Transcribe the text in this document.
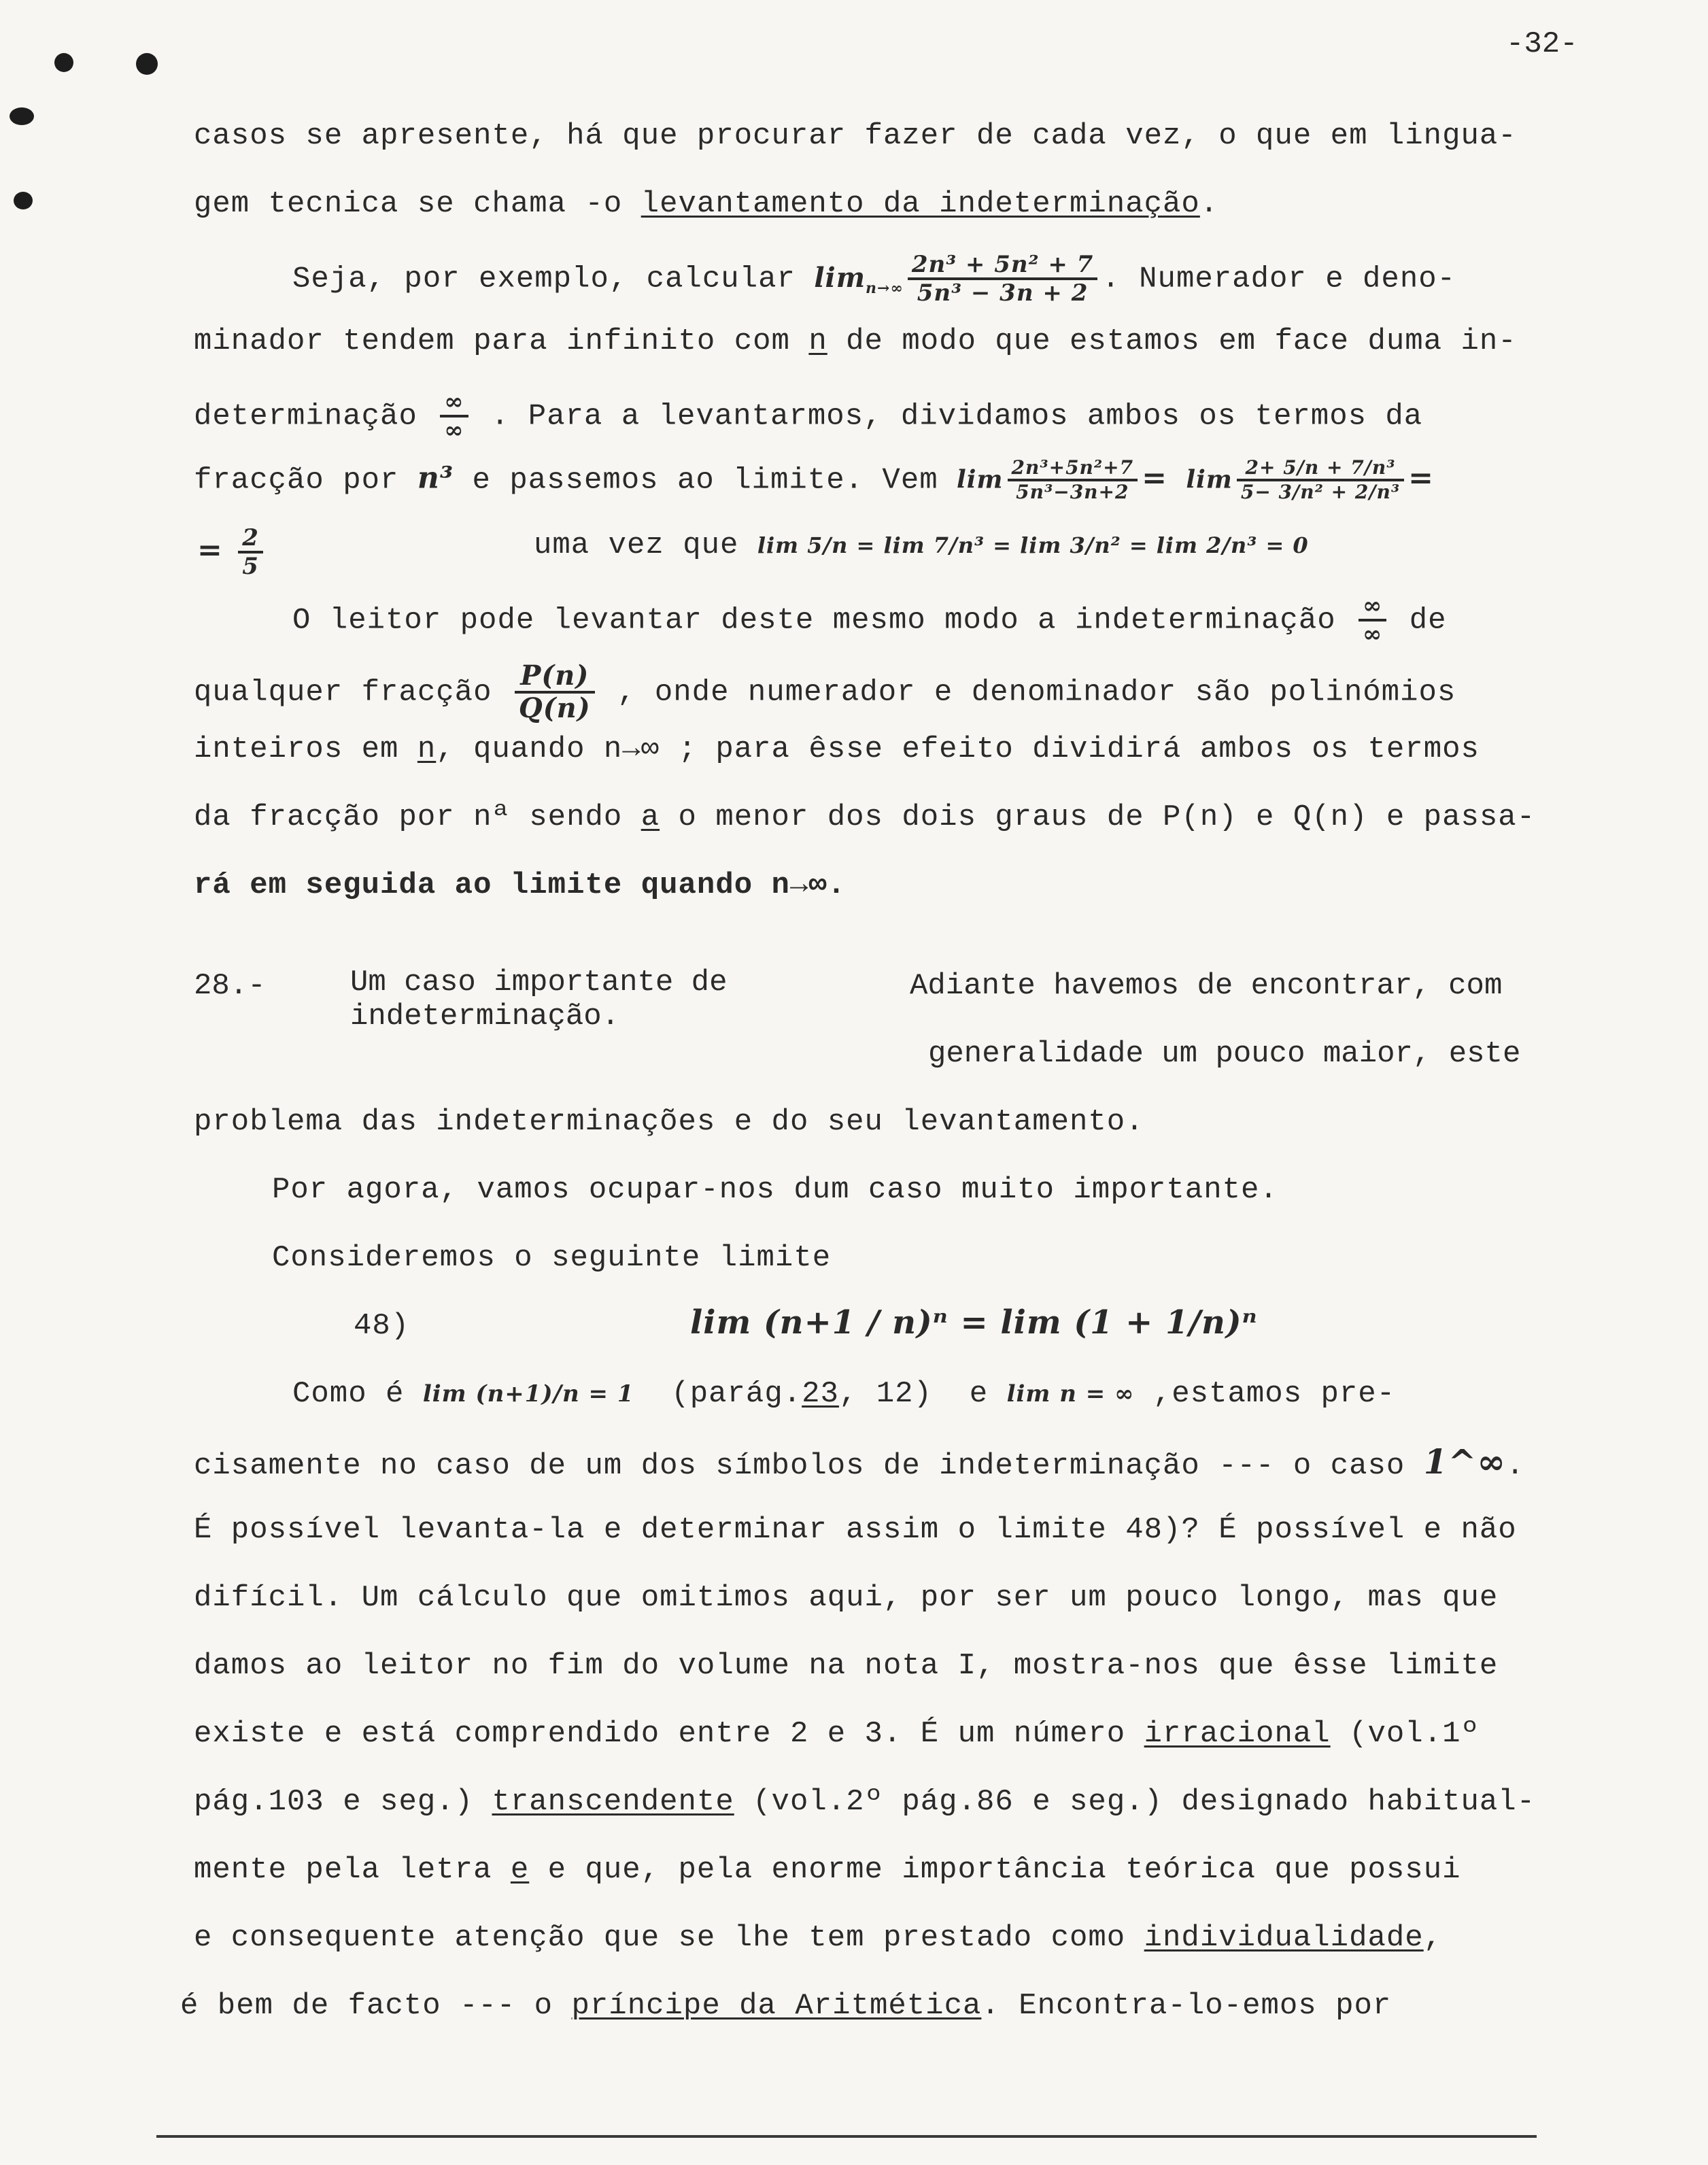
-32-
casos se apresente, há que procurar fazer de cada vez, o que em lingua-
gem tecnica se chama -o levantamento da indeterminação.
Seja, por exemplo, calcular $\lim_{n\to\infty} \frac{\text{2n³ + 5n² + 7}}{\text{5n³ − 3n + 2}}$ . Numerador e deno-
minador tendem para infinito com n de modo que estamos em face duma in-
determinação $\frac{\infty}{\infty}$ . Para a levantarmos, dividamos ambos os termos da
fracção por n³ e passemos ao limite. Vem $\lim \frac{\text{2n³+5n²+7}}{\text{5n³−3n+2}} = \lim \frac{\text{2+ 5/n + 7/n³}}{\text{5− 3/n² + 2/n³}}$ =
= $\frac{2}{5}$	uma vez que lim 5/n = lim 7/n³ = lim 3/n² = lim 2/n³ = 0
O leitor pode levantar deste mesmo modo a indeterminação $\frac{\infty}{\infty}$ de
qualquer fracção $\frac{P(n)}{Q(n)}$ , onde numerador e denominador são polinómios
inteiros em n, quando n→∞ ; para êsse efeito dividirá ambos os termos
da fracção por nª sendo a o menor dos dois graus de P(n) e Q(n) e passa-
rá em seguida ao limite quando n→∞.
28.-	Um caso importante de
indeterminação.
Adiante havemos de encontrar, com
generalidade um pouco maior, este
problema das indeterminações e do seu levantamento.
Por agora, vamos ocupar-nos dum caso muito importante.
Consideremos o seguinte limite
48)	lim (n+1 / n)ⁿ = lim (1 + 1/n)ⁿ
Como é lim (n+1)/n = 1 (parág.23, 12)  e lim n = ∞ ,estamos pre-
cisamente no caso de um dos símbolos de indeterminação --- o caso 1^∞.
É possível levanta-la e determinar assim o limite 48)? É possível e não
difícil. Um cálculo que omitimos aqui, por ser um pouco longo, mas que
damos ao leitor no fim do volume na nota I, mostra-nos que êsse limite
existe e está comprendido entre 2 e 3. É um número irracional (vol.1º
pág.103 e seg.) transcendente (vol.2º pág.86 e seg.) designado habitual-
mente pela letra e e que, pela enorme importância teórica que possui
e consequente atenção que se lhe tem prestado como individualidade,
é bem de facto --- o príncipe da Aritmética. Encontra-lo-emos por
